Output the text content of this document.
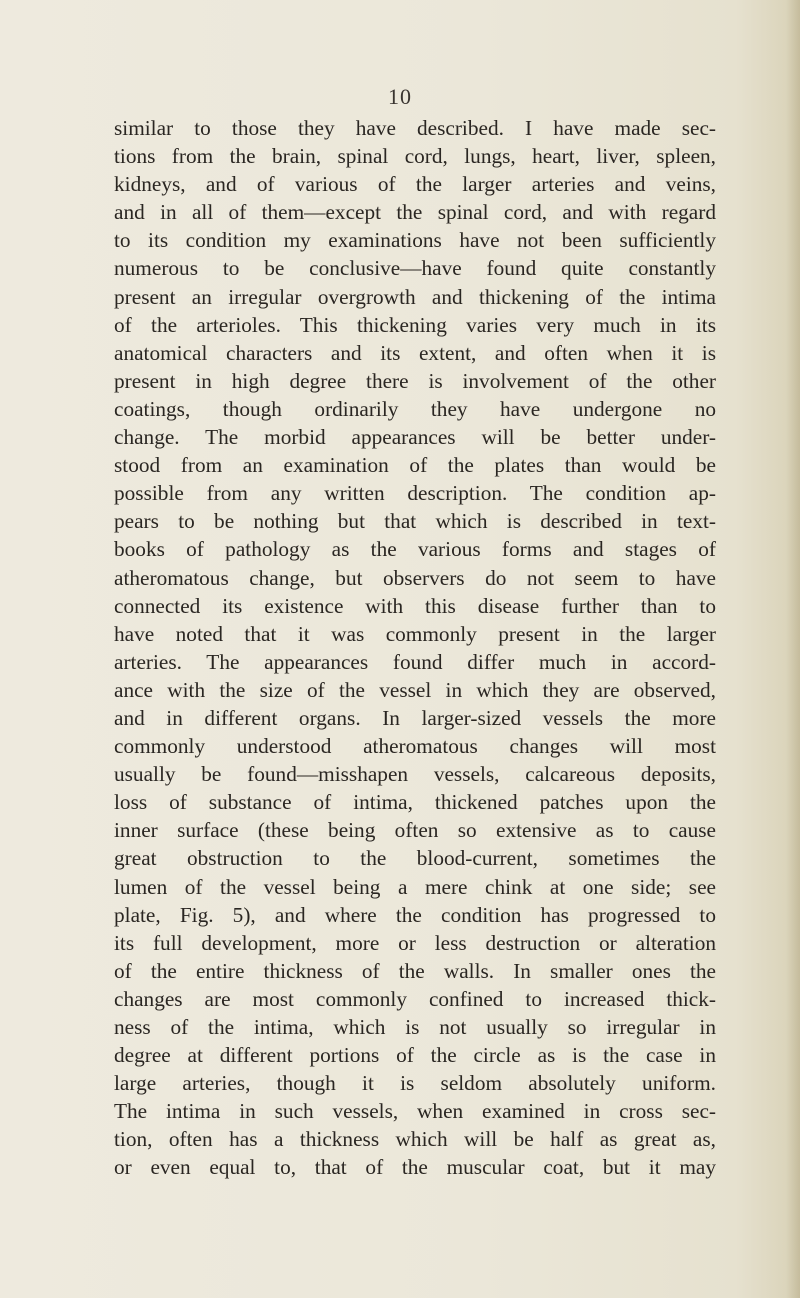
10
similar to those they have described. I have made sec-
tions from the brain, spinal cord, lungs, heart, liver, spleen,
kidneys, and of various of the larger arteries and veins,
and in all of them—except the spinal cord, and with regard
to its condition my examinations have not been sufficiently
numerous to be conclusive—have found quite constantly
present an irregular overgrowth and thickening of the intima
of the arterioles. This thickening varies very much in its
anatomical characters and its extent, and often when it is
present in high degree there is involvement of the other
coatings, though ordinarily they have undergone no
change. The morbid appearances will be better under-
stood from an examination of the plates than would be
possible from any written description. The condition ap-
pears to be nothing but that which is described in text-
books of pathology as the various forms and stages of
atheromatous change, but observers do not seem to have
connected its existence with this disease further than to
have noted that it was commonly present in the larger
arteries. The appearances found differ much in accord-
ance with the size of the vessel in which they are observed,
and in different organs. In larger-sized vessels the more
commonly understood atheromatous changes will most
usually be found—misshapen vessels, calcareous deposits,
loss of substance of intima, thickened patches upon the
inner surface (these being often so extensive as to cause
great obstruction to the blood-current, sometimes the
lumen of the vessel being a mere chink at one side; see
plate, Fig. 5), and where the condition has progressed to
its full development, more or less destruction or alteration
of the entire thickness of the walls. In smaller ones the
changes are most commonly confined to increased thick-
ness of the intima, which is not usually so irregular in
degree at different portions of the circle as is the case in
large arteries, though it is seldom absolutely uniform.
The intima in such vessels, when examined in cross sec-
tion, often has a thickness which will be half as great as,
or even equal to, that of the muscular coat, but it may
